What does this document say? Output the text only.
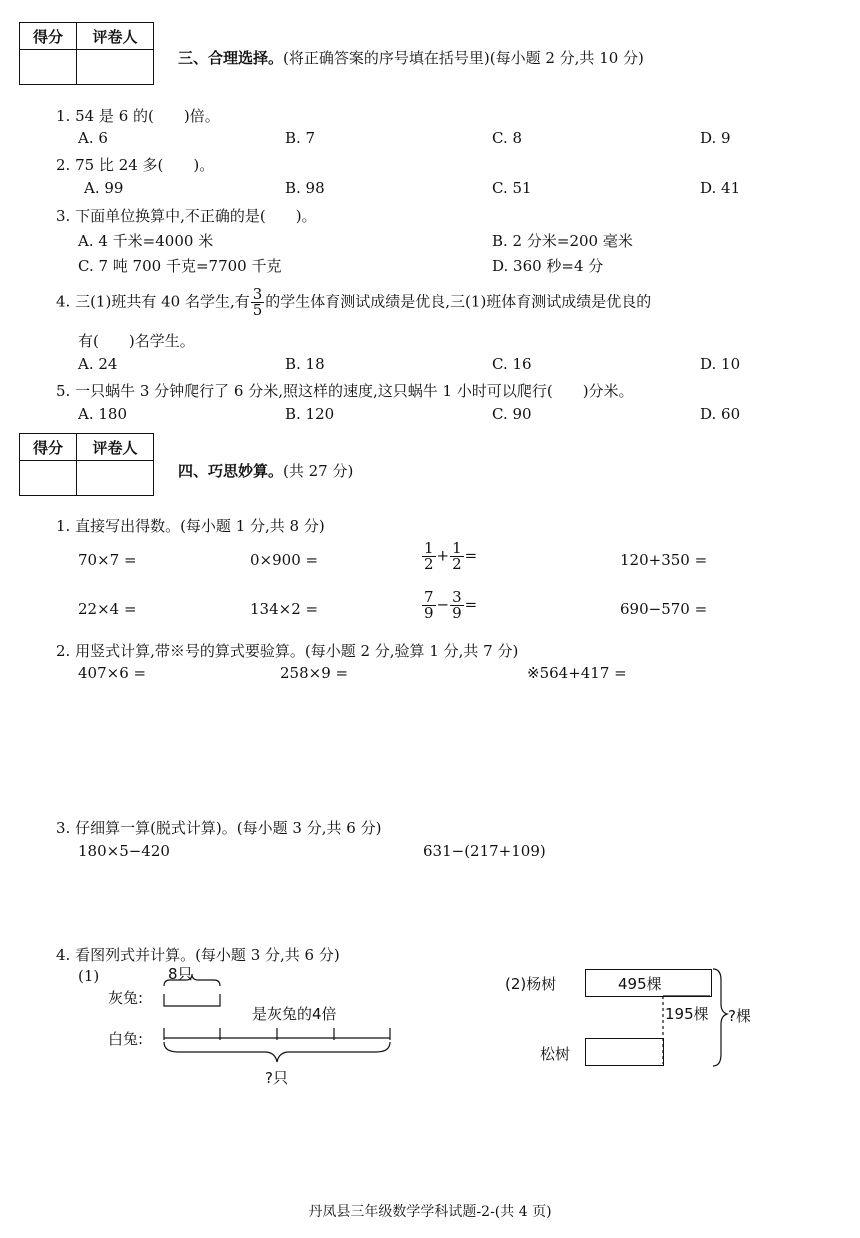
得分	评卷人

三、合理选择。(将正确答案的序号填在括号里)(每小题 2 分,共 10 分)
1. 54 是 6 的(　　)倍。
A. 6	B. 7	C. 8	D. 9
2. 75 比 24 多(　　)。
A. 99	B. 98	C. 51	D. 41
3. 下面单位换算中,不正确的是(　　)。
A. 4 千米=4000 米	B. 2 分米=200 毫米
C. 7 吨 700 千克=7700 千克	D. 360 秒=4 分
4. 三(1)班共有 40 名学生,有 $\frac{3}{5}$ 的学生体育测试成绩是优良,三(1)班体育测试成绩是优良的
有(　　)名学生。
A. 24	B. 18	C. 16	D. 10
5. 一只蜗牛 3 分钟爬行了 6 分米,照这样的速度,这只蜗牛 1 小时可以爬行(　　)分米。
A. 180	B. 120	C. 90	D. 60
得分	评卷人

四、巧思妙算。(共 27 分)
1. 直接写出得数。(每小题 1 分,共 8 分)
70×7 =	0×900 =	$\frac{1}{2} + \frac{1}{2}$ =	120+350 =
22×4 =	134×2 =	$\frac{7}{9} - \frac{3}{9}$ =	690−570 =
2. 用竖式计算,带※号的算式要验算。(每小题 2 分,验算 1 分,共 7 分)
407×6 =	258×9 =	※564+417 =
3. 仔细算一算(脱式计算)。(每小题 3 分,共 6 分)
180×5−420	631−(217+109)
4. 看图列式并计算。(每小题 3 分,共 6 分)
(1)	8只
灰兔:
是灰兔的4倍
白兔:
?只
(2)杨树	495棵
松树
195棵 ?棵
丹凤县三年级数学学科试题-2-(共 4 页)
